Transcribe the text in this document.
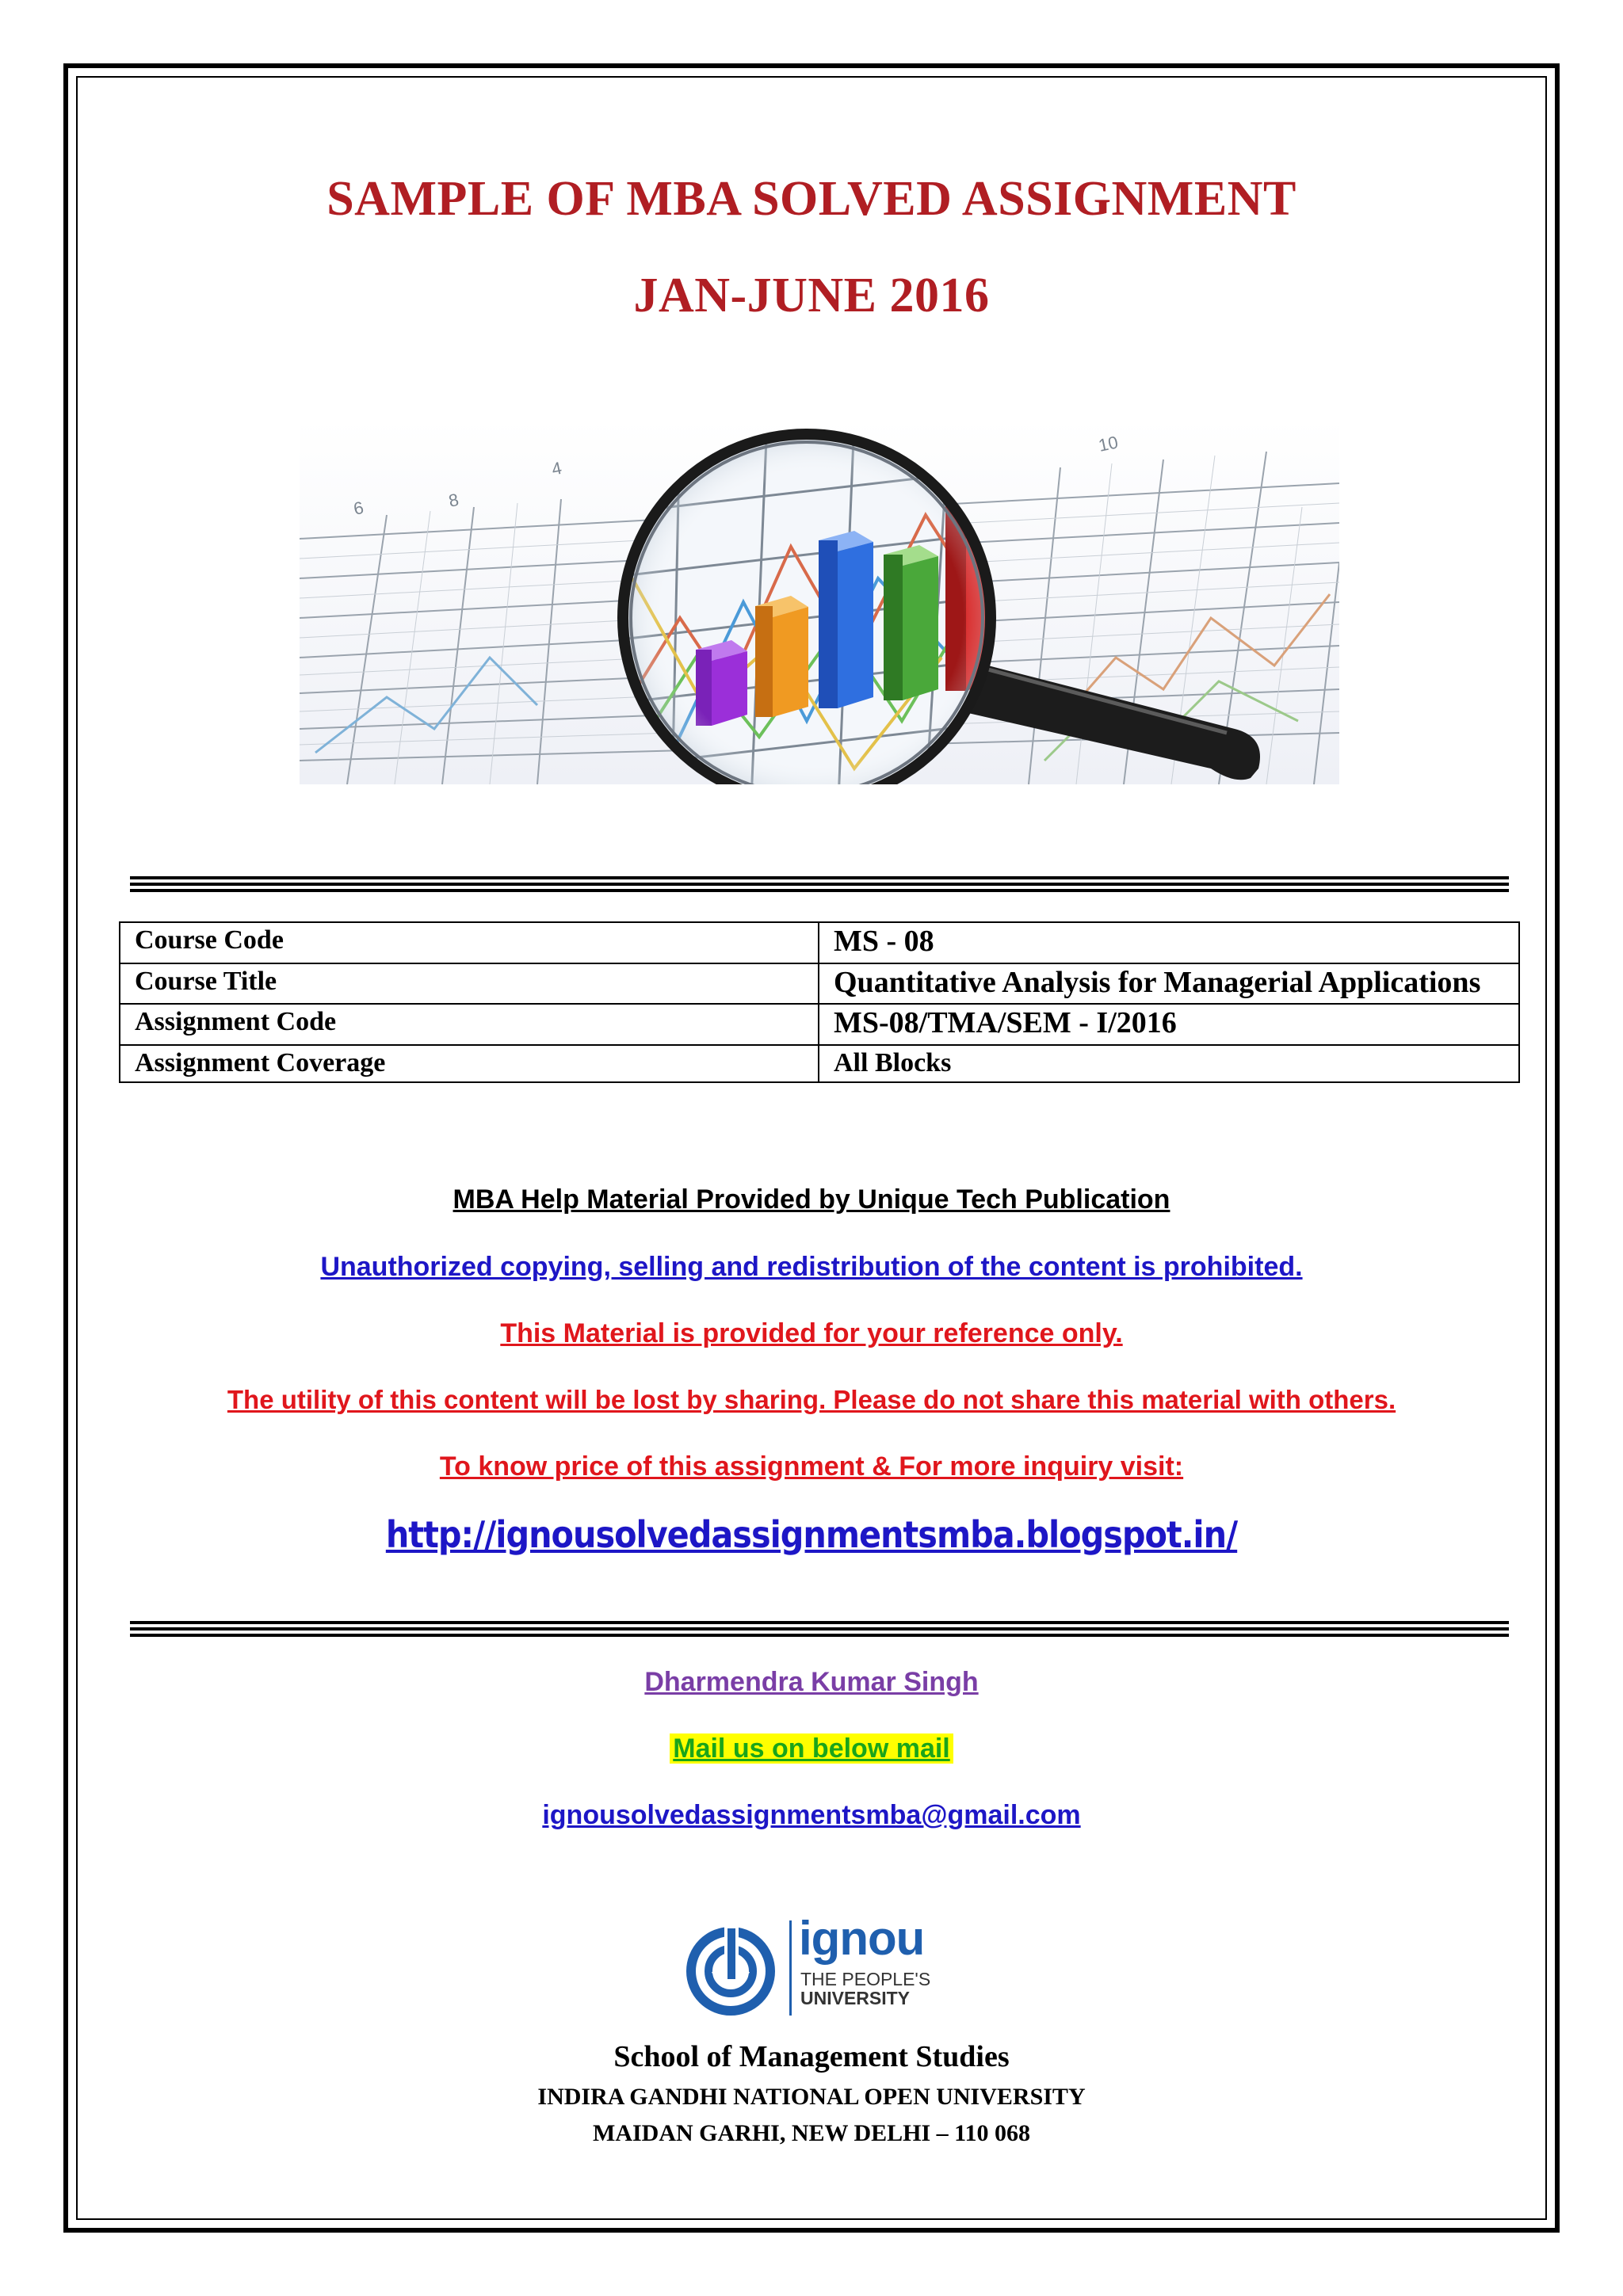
SAMPLE OF MBA SOLVED ASSIGNMENT
JAN-JUNE 2016
6	8
4
10
Course Code	MS - 08
Course Title	Quantitative Analysis for Managerial Applications
Assignment Code	MS-08/TMA/SEM - I/2016
Assignment Coverage	All Blocks
MBA Help Material Provided by Unique Tech Publication
Unauthorized copying, selling and redistribution of the content is prohibited.
This Material is provided for your reference only.
The utility of this content will be lost by sharing. Please do not share this material with others.
To know price of this assignment & For more inquiry visit:
http://ignousolvedassignmentsmba.blogspot.in/
Dharmendra Kumar Singh
Mail us on below mail
ignousolvedassignmentsmba@gmail.com
ignou
THE PEOPLE'S
UNIVERSITY
School of Management Studies
INDIRA GANDHI NATIONAL OPEN UNIVERSITY
MAIDAN GARHI, NEW DELHI – 110 068
